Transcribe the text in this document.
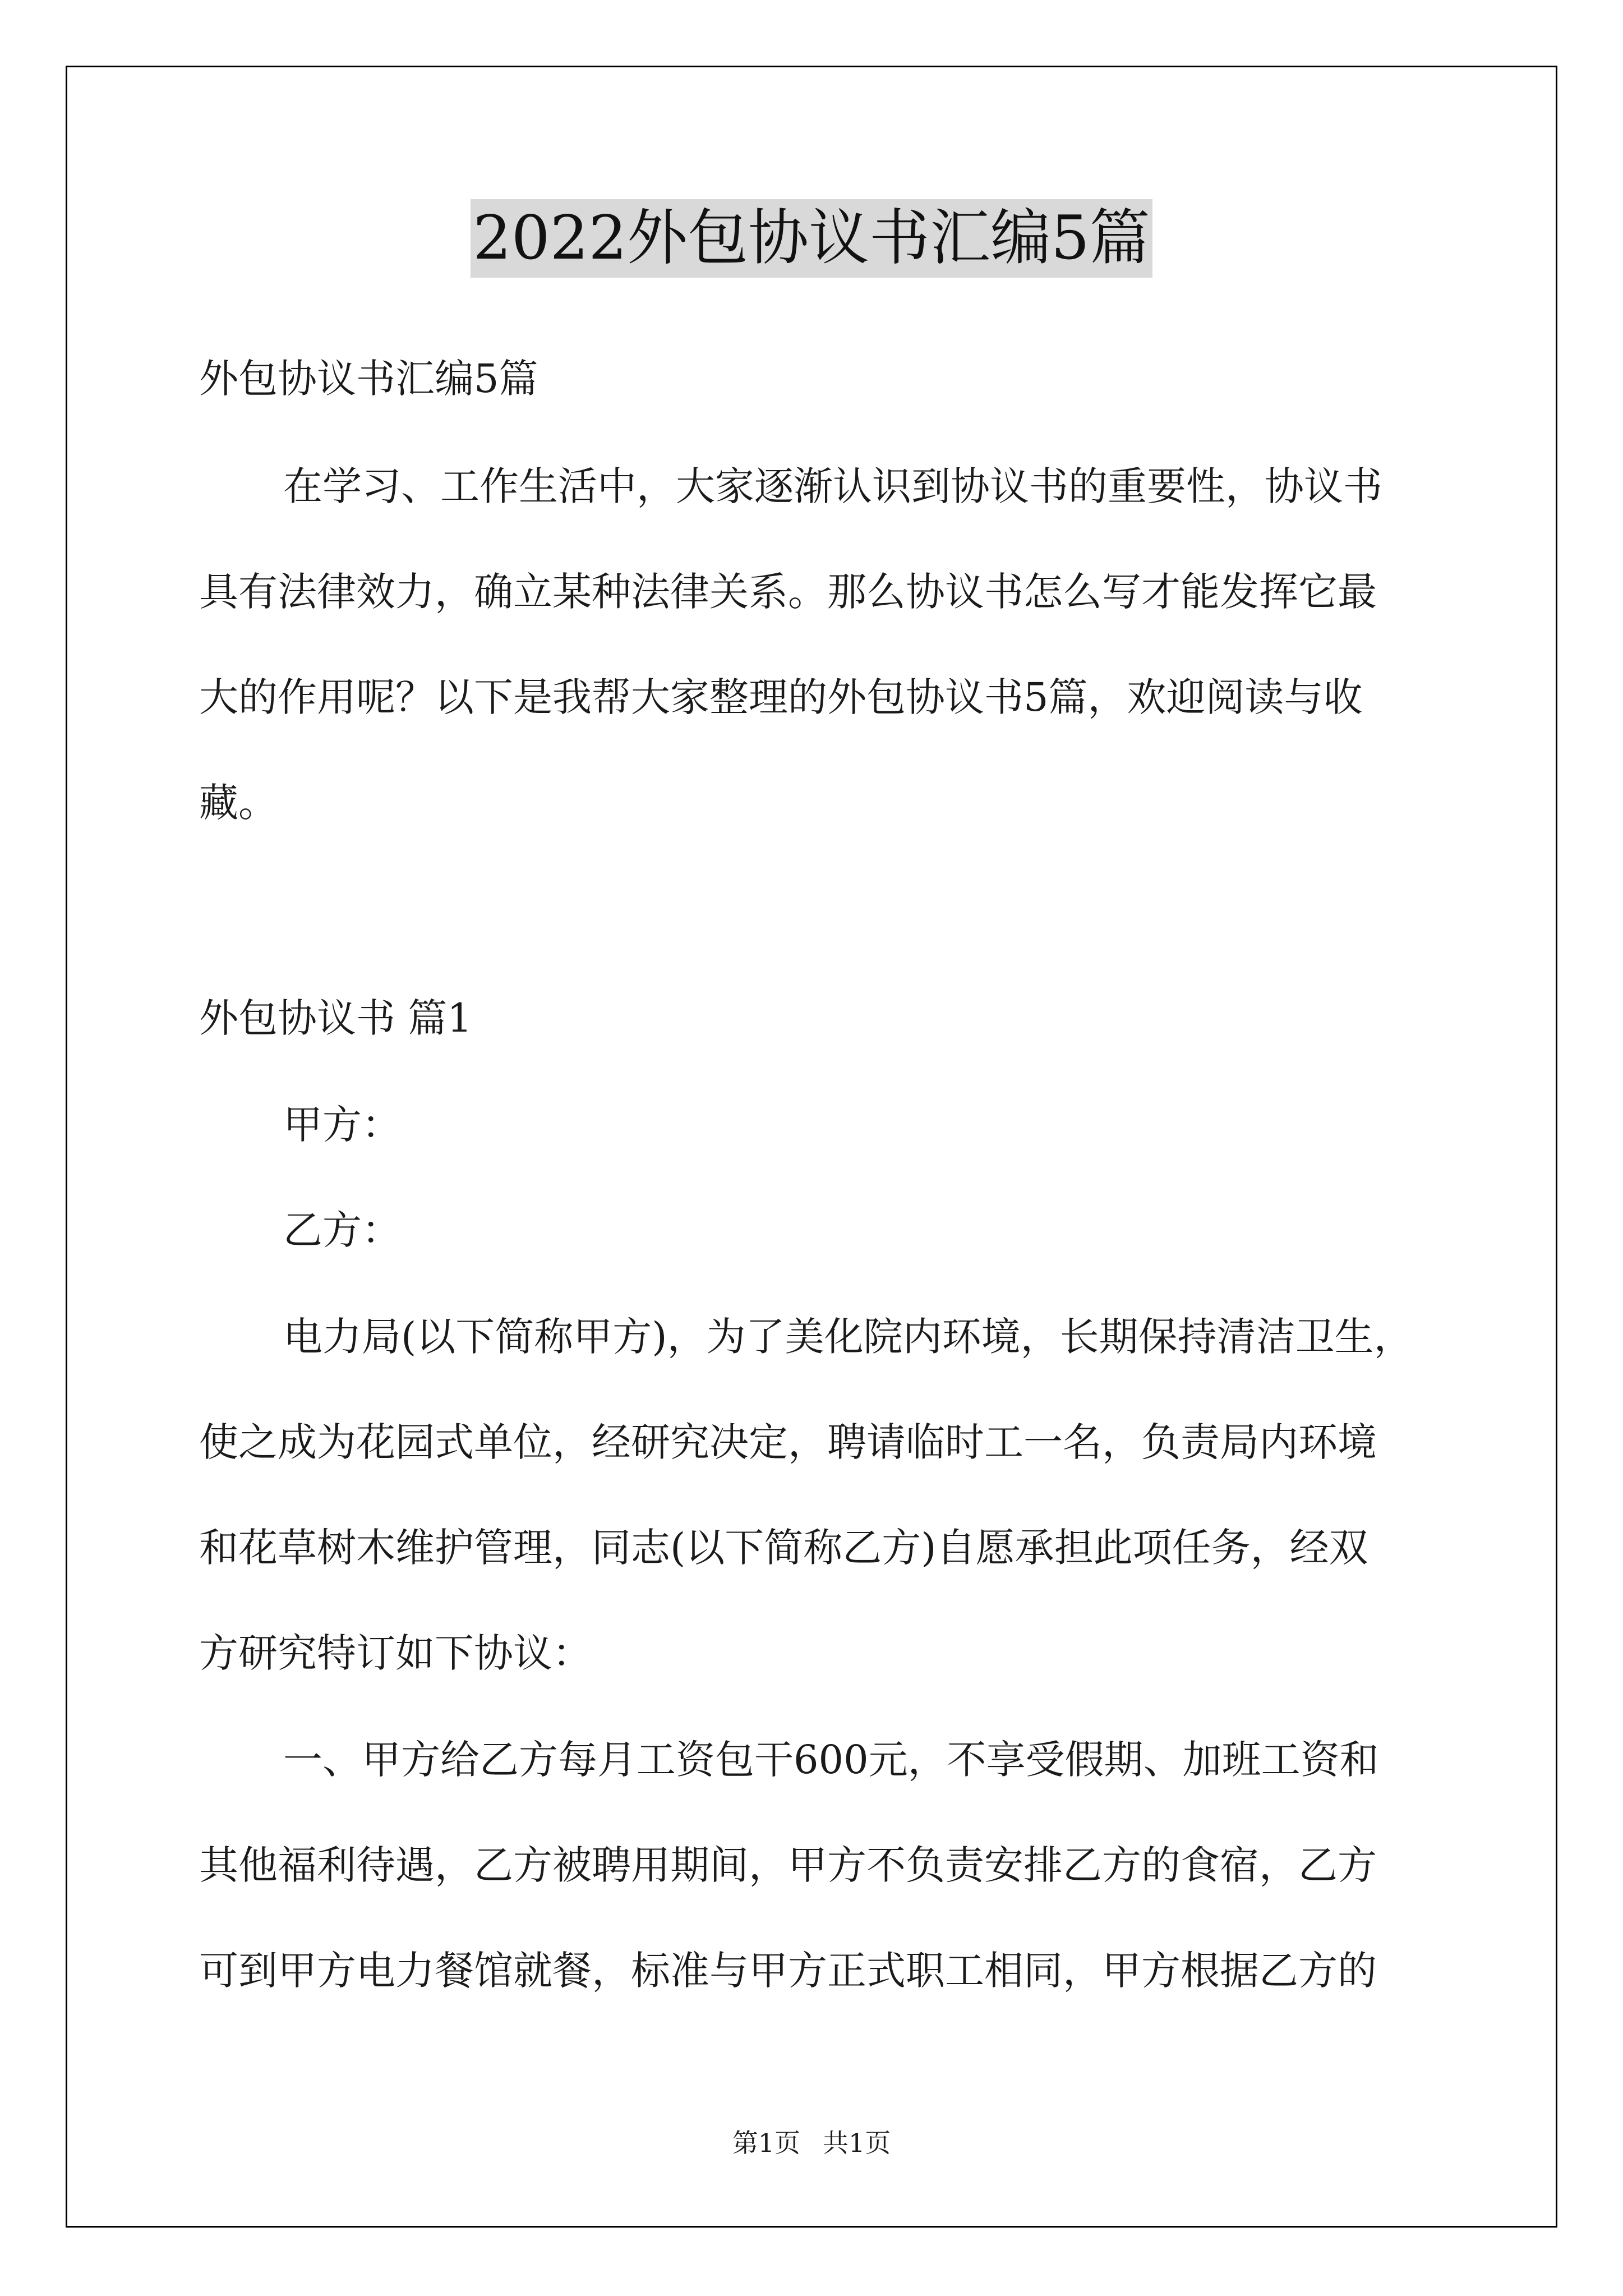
2022外包协议书汇编5篇
外包协议书汇编5篇
在学习、工作生活中，大家逐渐认识到协议书的重要性，协议书
具有法律效力，确立某种法律关系。那么协议书怎么写才能发挥它最
大的作用呢？以下是我帮大家整理的外包协议书5篇，欢迎阅读与收
藏。
外包协议书 篇1
甲方：
乙方：
电力局(以下简称甲方)，为了美化院内环境，长期保持清洁卫生，
使之成为花园式单位，经研究决定，聘请临时工一名，负责局内环境
和花草树木维护管理，同志(以下简称乙方)自愿承担此项任务，经双
方研究特订如下协议：
一、甲方给乙方每月工资包干600元，不享受假期、加班工资和
其他福利待遇，乙方被聘用期间，甲方不负责安排乙方的食宿，乙方
可到甲方电力餐馆就餐，标准与甲方正式职工相同，甲方根据乙方的
第1页 共1页
